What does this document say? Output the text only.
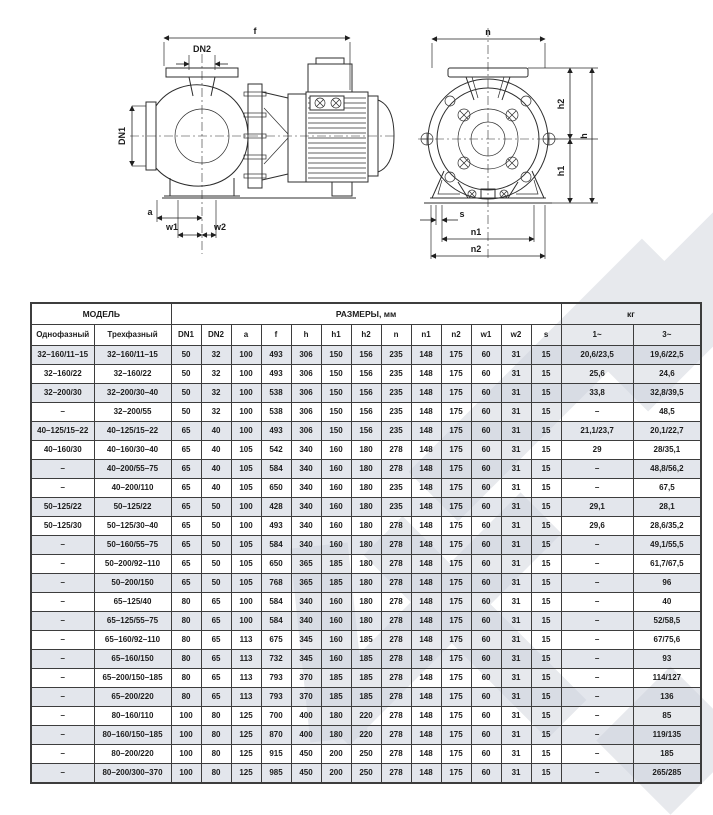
f
DN2
DN1
a
w1	w2
n
h2
h1
h
s
n1
n2
МОДЕЛЬ		РАЗМЕРЫ, мм													кг	
Однофазный	Трехфазный	DN1	DN2	a	f	h	h1	h2	n	n1	n2	w1	w2	s	1~	3~
32–160/11–15	32–160/11–15	50	32	100	493	306	150	156	235	148	175	60	31	15	20,6/23,5	19,6/22,5
32–160/22	32–160/22	50	32	100	493	306	150	156	235	148	175	60	31	15	25,6	24,6
32–200/30	32–200/30–40	50	32	100	538	306	150	156	235	148	175	60	31	15	33,8	32,8/39,5
–	32–200/55	50	32	100	538	306	150	156	235	148	175	60	31	15	–	48,5
40–125/15–22	40–125/15–22	65	40	100	493	306	150	156	235	148	175	60	31	15	21,1/23,7	20,1/22,7
40–160/30	40–160/30–40	65	40	105	542	340	160	180	278	148	175	60	31	15	29	28/35,1
–	40–200/55–75	65	40	105	584	340	160	180	278	148	175	60	31	15	–	48,8/56,2
–	40–200/110	65	40	105	650	340	160	180	235	148	175	60	31	15	–	67,5
50–125/22	50–125/22	65	50	100	428	340	160	180	235	148	175	60	31	15	29,1	28,1
50–125/30	50–125/30–40	65	50	100	493	340	160	180	278	148	175	60	31	15	29,6	28,6/35,2
–	50–160/55–75	65	50	105	584	340	160	180	278	148	175	60	31	15	–	49,1/55,5
–	50–200/92–110	65	50	105	650	365	185	180	278	148	175	60	31	15	–	61,7/67,5
–	50–200/150	65	50	105	768	365	185	180	278	148	175	60	31	15	–	96
–	65–125/40	80	65	100	584	340	160	180	278	148	175	60	31	15	–	40
–	65–125/55–75	80	65	100	584	340	160	180	278	148	175	60	31	15	–	52/58,5
–	65–160/92–110	80	65	113	675	345	160	185	278	148	175	60	31	15	–	67/75,6
–	65–160/150	80	65	113	732	345	160	185	278	148	175	60	31	15	–	93
–	65–200/150–185	80	65	113	793	370	185	185	278	148	175	60	31	15	–	114/127
–	65–200/220	80	65	113	793	370	185	185	278	148	175	60	31	15	–	136
–	80–160/110	100	80	125	700	400	180	220	278	148	175	60	31	15	–	85
–	80–160/150–185	100	80	125	870	400	180	220	278	148	175	60	31	15	–	119/135
–	80–200/220	100	80	125	915	450	200	250	278	148	175	60	31	15	–	185
–	80–200/300–370	100	80	125	985	450	200	250	278	148	175	60	31	15	–	265/285
